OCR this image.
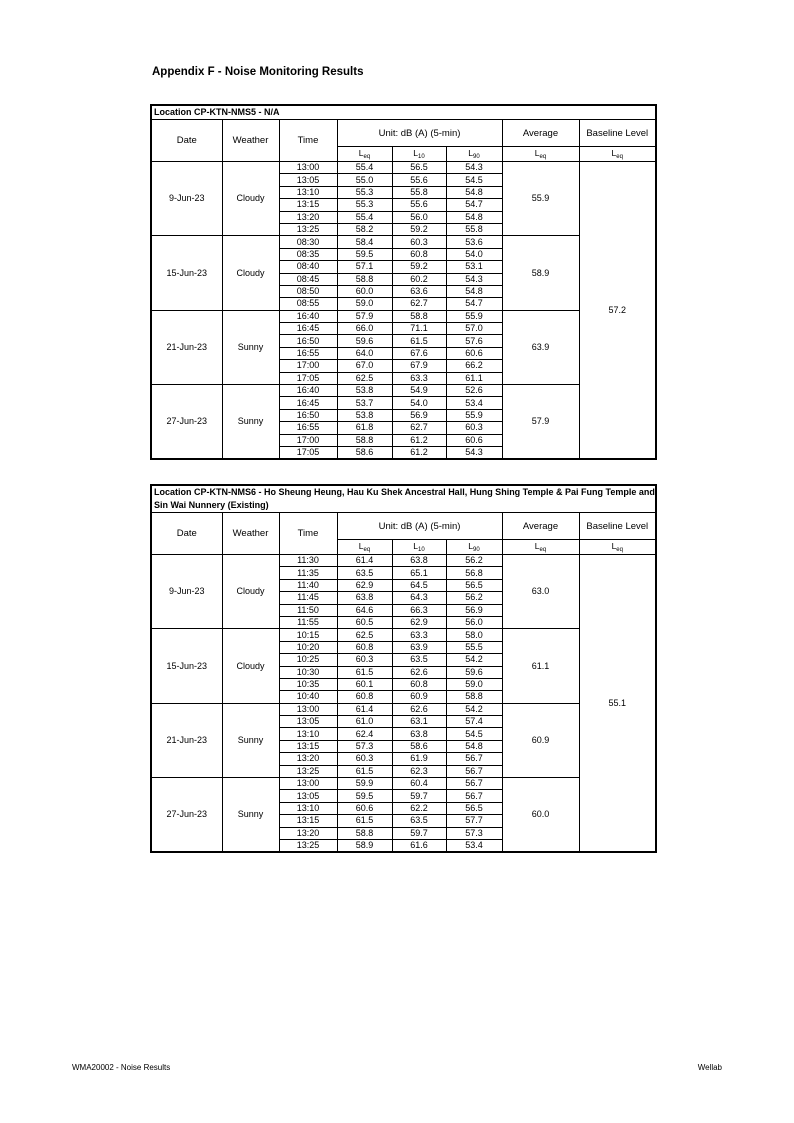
Appendix F - Noise Monitoring Results
Location CP-KTN-NMS5 - N/A							
Date	Weather	Time	Unit: dB (A) (5-min)			Average	Baseline Level
			$L_{eq}$	$L_{10}$	$L_{90}$	$L_{eq}$	$L_{eq}$
9-Jun-23	Cloudy	13:00	55.4	56.5	54.3	55.9	57.2
		13:05	55.0	55.6	54.5		
		13:10	55.3	55.8	54.8		
		13:15	55.3	55.6	54.7		
		13:20	55.4	56.0	54.8		
		13:25	58.2	59.2	55.8		
15-Jun-23	Cloudy	08:30	58.4	60.3	53.6	58.9	
		08:35	59.5	60.8	54.0		
		08:40	57.1	59.2	53.1		
		08:45	58.8	60.2	54.3		
		08:50	60.0	63.6	54.8		
		08:55	59.0	62.7	54.7		
21-Jun-23	Sunny	16:40	57.9	58.8	55.9	63.9	
		16:45	66.0	71.1	57.0		
		16:50	59.6	61.5	57.6		
		16:55	64.0	67.6	60.6		
		17:00	67.0	67.9	66.2		
		17:05	62.5	63.3	61.1		
27-Jun-23	Sunny	16:40	53.8	54.9	52.6	57.9	
		16:45	53.7	54.0	53.4		
		16:50	53.8	56.9	55.9		
		16:55	61.8	62.7	60.3		
		17:00	58.8	61.2	60.6		
		17:05	58.6	61.2	54.3		
Location CP-KTN-NMS6 - Ho Sheung Heung, Hau Ku Shek Ancestral Hall, Hung Shing Temple & Pai Fung Temple and Sin Wai Nunnery (Existing)							
Date	Weather	Time	Unit: dB (A) (5-min)			Average	Baseline Level
			$L_{eq}$	$L_{10}$	$L_{90}$	$L_{eq}$	$L_{eq}$
9-Jun-23	Cloudy	11:30	61.4	63.8	56.2	63.0	55.1
		11:35	63.5	65.1	56.8		
		11:40	62.9	64.5	56.5		
		11:45	63.8	64.3	56.2		
		11:50	64.6	66.3	56.9		
		11:55	60.5	62.9	56.0		
15-Jun-23	Cloudy	10:15	62.5	63.3	58.0	61.1	
		10:20	60.8	63.9	55.5		
		10:25	60.3	63.5	54.2		
		10:30	61.5	62.6	59.6		
		10:35	60.1	60.8	59.0		
		10:40	60.8	60.9	58.8		
21-Jun-23	Sunny	13:00	61.4	62.6	54.2	60.9	
		13:05	61.0	63.1	57.4		
		13:10	62.4	63.8	54.5		
		13:15	57.3	58.6	54.8		
		13:20	60.3	61.9	56.7		
		13:25	61.5	62.3	56.7		
27-Jun-23	Sunny	13:00	59.9	60.4	56.7	60.0	
		13:05	59.5	59.7	56.7		
		13:10	60.6	62.2	56.5		
		13:15	61.5	63.5	57.7		
		13:20	58.8	59.7	57.3		
		13:25	58.9	61.6	53.4		
WMA20002 - Noise Results	Wellab
